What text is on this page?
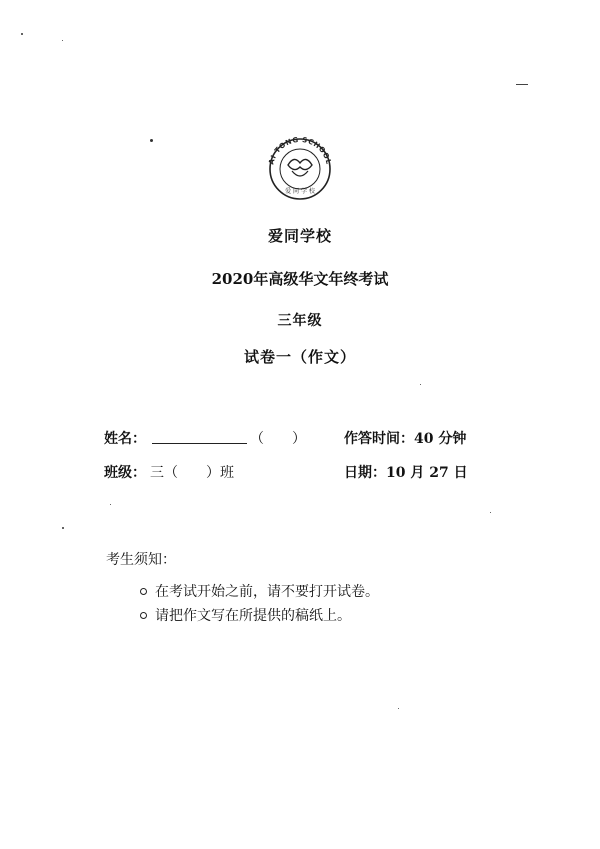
AI TONG SCHOOL
爱 同 学 校
爱同学校
2020年高级华文年终考试
三年级
试卷一（作文）
姓名：	（　　）	作答时间：40 分钟
班级： 三（　　）班	日期：10 月 27 日
考生须知：
在考试开始之前，请不要打开试卷。
请把作文写在所提供的稿纸上。
